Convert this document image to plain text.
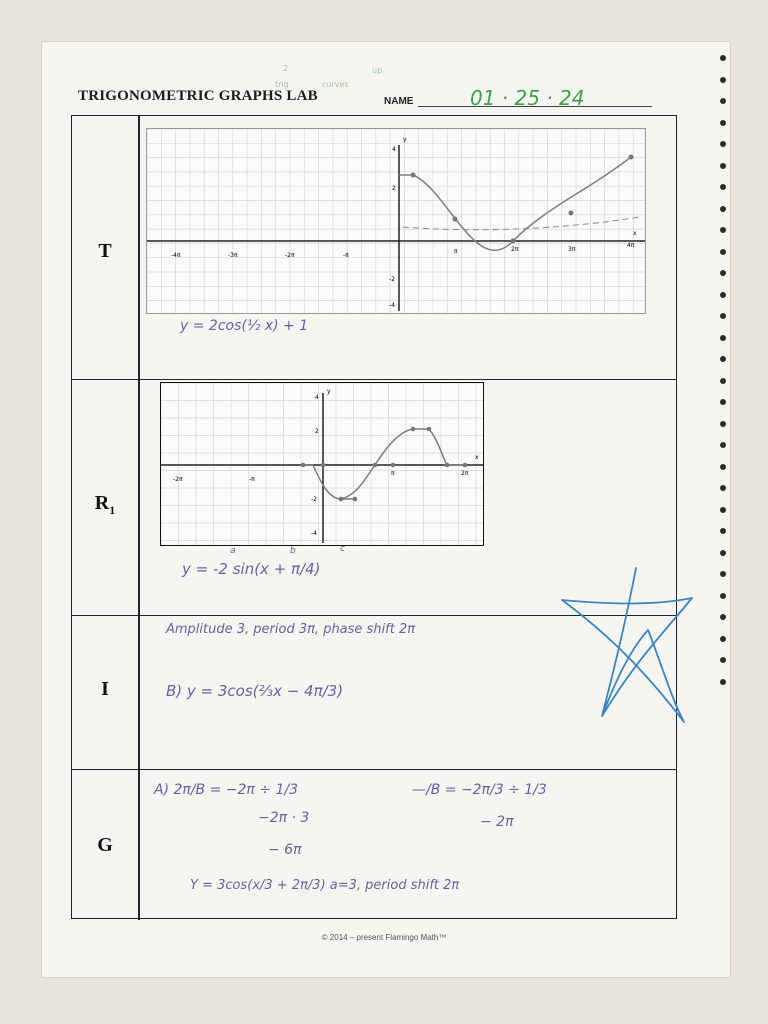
2
trig	curves
up
TRIGONOMETRIC GRAPHS LAB	NAME	01 · 25 · 24
T	-4π	-3π	-2π	-π
π	2π	3π
4π
4
2
-2
-4
y
x
y = 2cos(½ x) + 1
$R_1$
-2π	-π
π	2π
4
2
-2
-4
y
x
y = -2 sin(x + π/4)
a	b	c
I
Amplitude 3, period 3π, phase shift 2π
B) y = 3cos(⅔x − 4π/3)
G
A) 2π/B = −2π ÷ 1/3
−2π · 3
− 6π
—/B = −2π/3 ÷ 1/3
− 2π
Y = 3cos(x/3 + 2π/3) a=3, period shift 2π
© 2014 – present Flamingo Math™
